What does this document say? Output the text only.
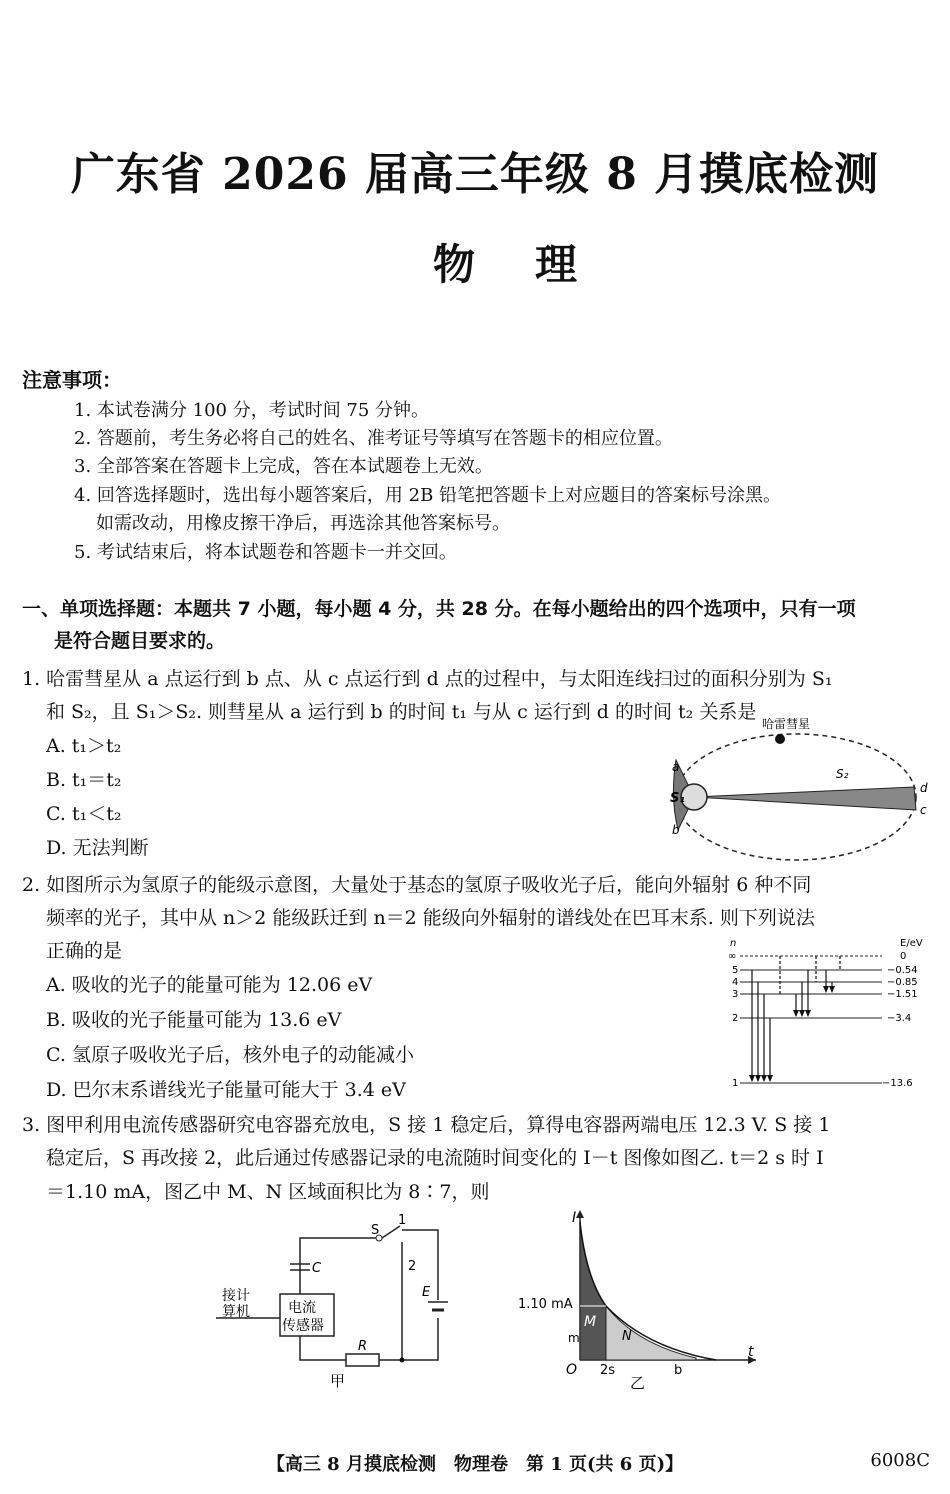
广东省 2026 届高三年级 8 月摸底检测
物理
注意事项：
1. 本试卷满分 100 分，考试时间 75 分钟。
2. 答题前，考生务必将自己的姓名、准考证号等填写在答题卡的相应位置。
3. 全部答案在答题卡上完成，答在本试题卷上无效。
4. 回答选择题时，选出每小题答案后，用 2B 铅笔把答题卡上对应题目的答案标号涂黑。
如需改动，用橡皮擦干净后，再选涂其他答案标号。
5. 考试结束后，将本试题卷和答题卡一并交回。
一、单项选择题：本题共 7 小题，每小题 4 分，共 28 分。在每小题给出的四个选项中，只有一项
是符合题目要求的。
1. 哈雷彗星从 a 点运行到 b 点、从 c 点运行到 d 点的过程中，与太阳连线扫过的面积分别为 S₁
和 S₂，且 S₁＞S₂. 则彗星从 a 运行到 b 的时间 t₁ 与从 c 运行到 d 的时间 t₂ 关系是
A. t₁＞t₂
B. t₁＝t₂
C. t₁＜t₂
D. 无法判断
哈雷彗星
S₂
S₁
a
b
c
d
2. 如图所示为氢原子的能级示意图，大量处于基态的氢原子吸收光子后，能向外辐射 6 种不同
频率的光子，其中从 n＞2 能级跃迁到 n＝2 能级向外辐射的谱线处在巴耳末系. 则下列说法
正确的是
A. 吸收的光子的能量可能为 12.06 eV
B. 吸收的光子能量可能为 13.6 eV
C. 氢原子吸收光子后，核外电子的动能减小
D. 巴尔末系谱线光子能量可能大于 3.4 eV
n	E/eV
∞	0
5	−0.54
4	−0.85
3	−1.51
2	−3.4
1	−13.6
3. 图甲利用电流传感器研究电容器充放电，S 接 1 稳定后，算得电容器两端电压 12.3 V. S 接 1
稳定后，S 再改接 2，此后通过传感器记录的电流随时间变化的 I－t 图像如图乙. t＝2 s 时 I
＝1.10 mA，图乙中 M、N 区域面积比为 8∶7，则
S
1
2
C
E
R
接计
算机	电流
传感器
甲
I
t
O
1.10 mA
m
M
N
2s	b
乙
【高三 8 月摸底检测　物理卷　第 1 页(共 6 页)】	6008C
